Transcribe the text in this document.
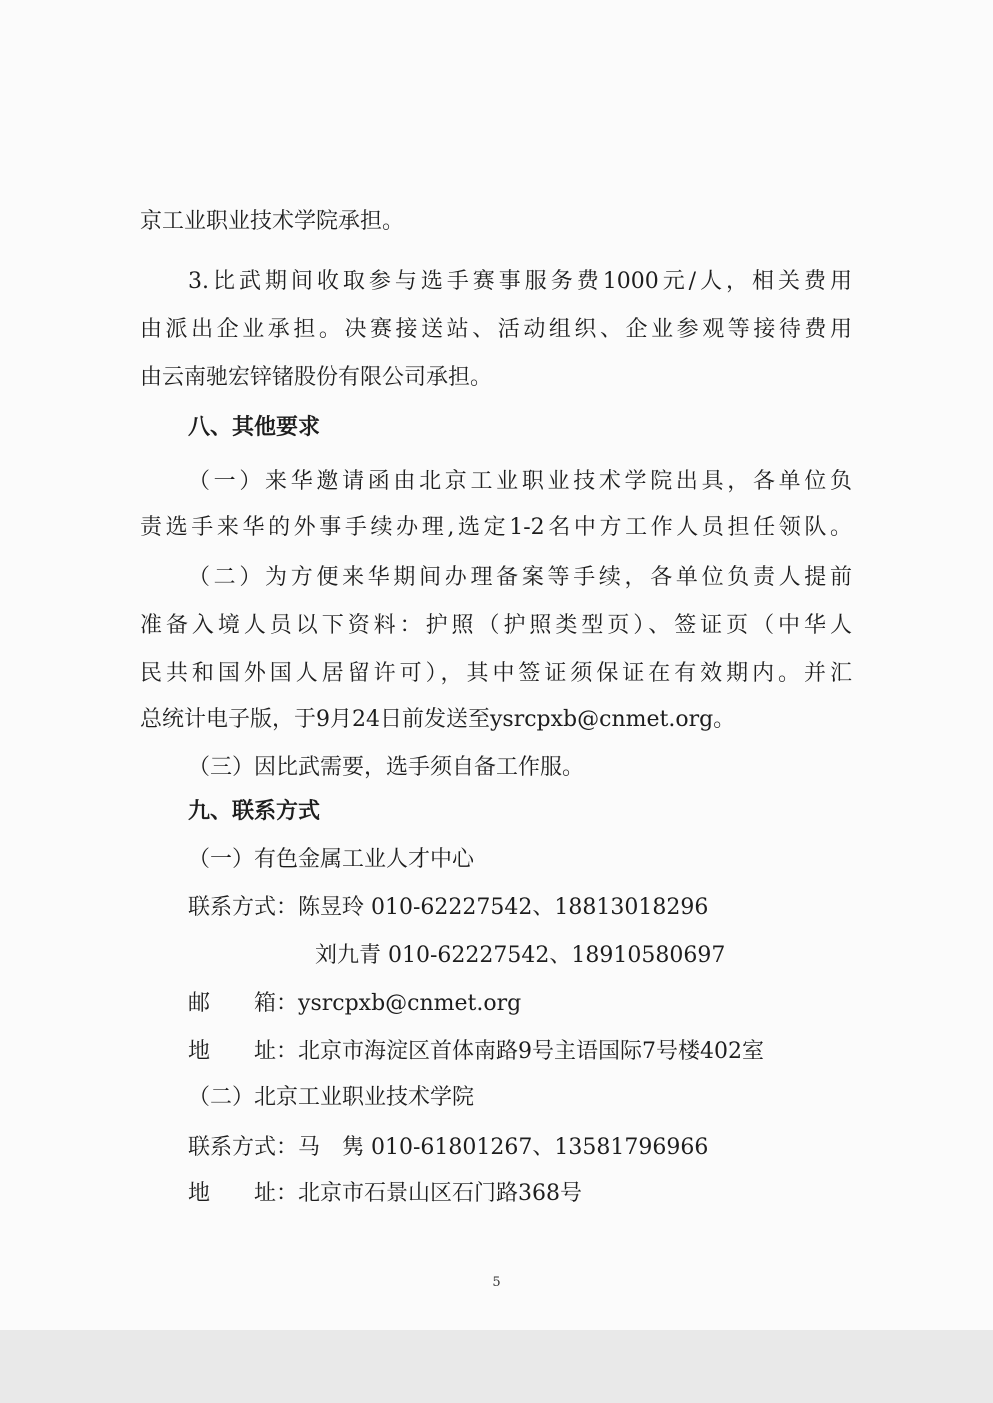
京工业职业技术学院承担。
3.比武期间收取参与选手赛事服务费1000元/人，相关费用
由派出企业承担。决赛接送站、活动组织、企业参观等接待费用
由云南驰宏锌锗股份有限公司承担。
八、其他要求
（一）来华邀请函由北京工业职业技术学院出具，各单位负
责选手来华的外事手续办理,选定1-2名中方工作人员担任领队。
（二）为方便来华期间办理备案等手续，各单位负责人提前
准备入境人员以下资料：护照（护照类型页）、签证页（中华人
民共和国外国人居留许可），其中签证须保证在有效期内。并汇
总统计电子版，于9月24日前发送至ysrcpxb@cnmet.org。
（三）因比武需要，选手须自备工作服。
九、联系方式
（一）有色金属工业人才中心
联系方式：陈昱玲 010-62227542、18813018296
刘九青 010-62227542、18910580697
邮　　箱：ysrcpxb@cnmet.org
地　　址：北京市海淀区首体南路9号主语国际7号楼402室
（二）北京工业职业技术学院
联系方式：马　隽 010-61801267、13581796966
地　　址：北京市石景山区石门路368号
5
